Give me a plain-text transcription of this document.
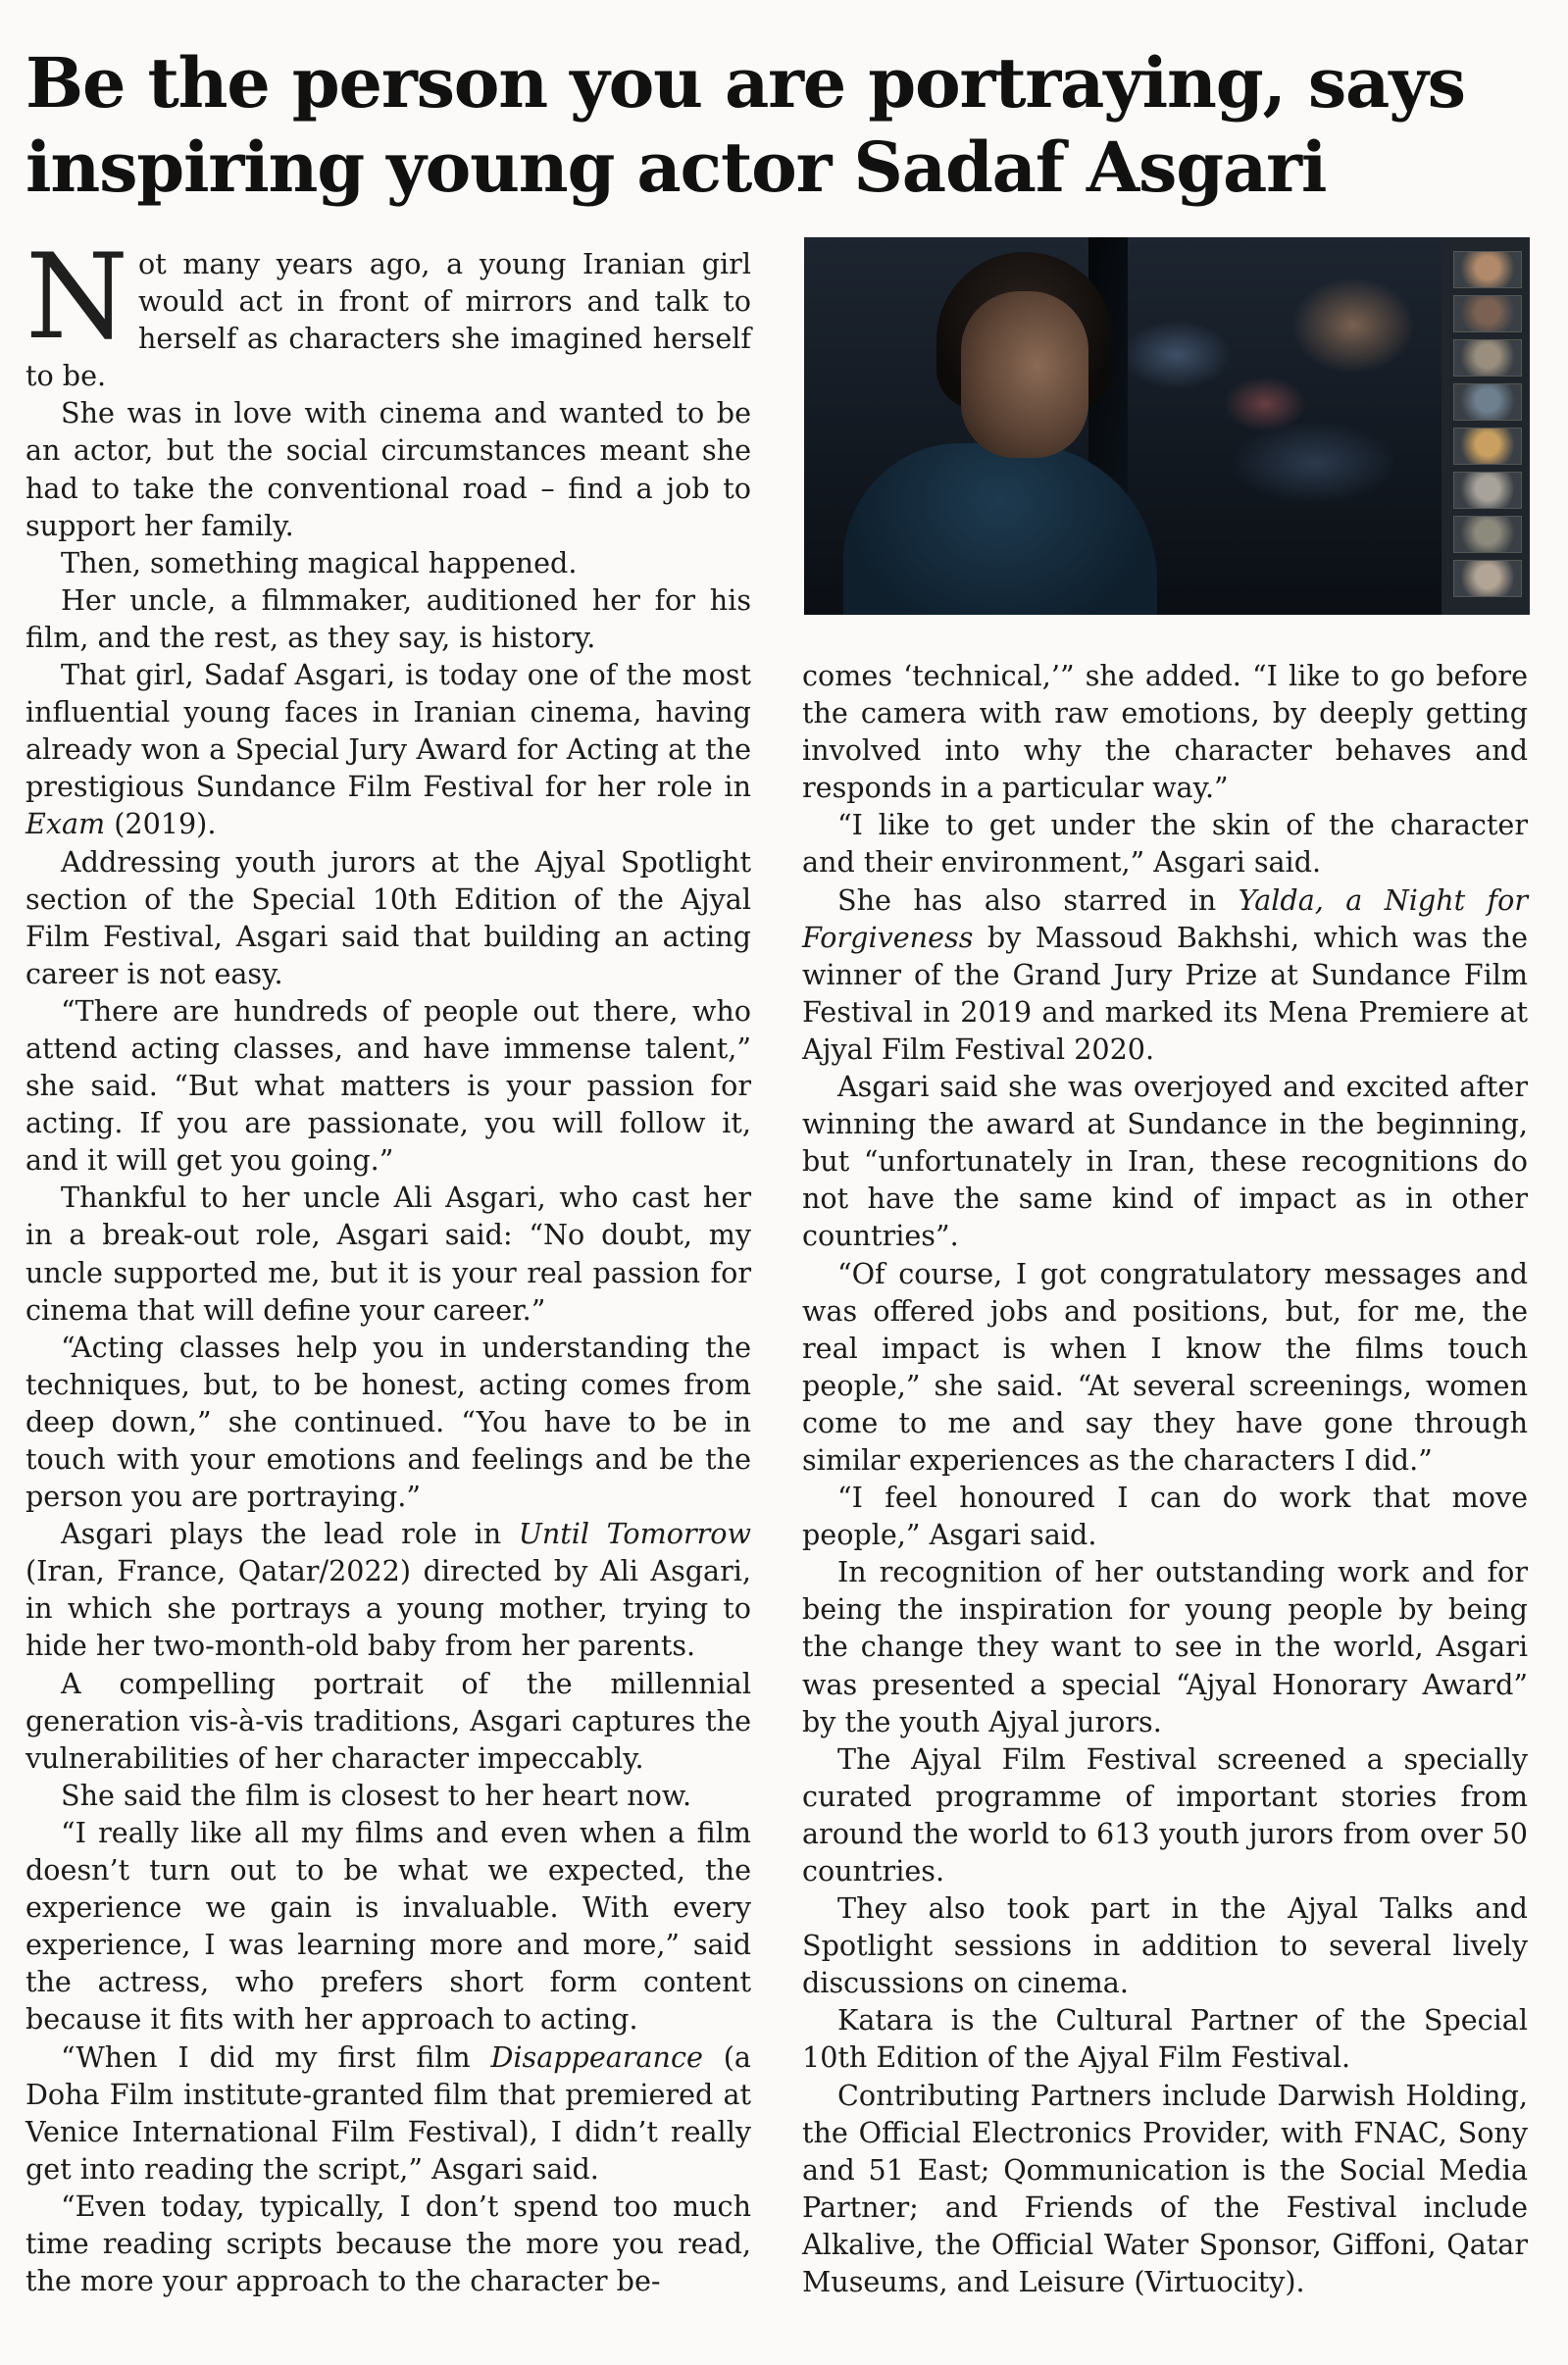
Be the person you are portraying, says inspiring young actor Sadaf Asgari

Not many years ago, a young Iranian girl would act in front of mirrors and talk to herself as characters she imagined herself to be.

She was in love with cinema and wanted to be an actor, but the social circumstances meant she had to take the conventional road – find a job to support her family.

Then, something magical happened.

Her uncle, a filmmaker, auditioned her for his film, and the rest, as they say, is history.

That girl, Sadaf Asgari, is today one of the most influential young faces in Iranian cinema, having already won a Special Jury Award for Acting at the prestigious Sundance Film Festival for her role in Exam (2019).

Addressing youth jurors at the Ajyal Spotlight section of the Special 10th Edition of the Ajyal Film Festival, Asgari said that building an acting career is not easy.

“There are hundreds of people out there, who attend acting classes, and have immense talent,” she said. “But what matters is your passion for acting. If you are passionate, you will follow it, and it will get you going.”

Thankful to her uncle Ali Asgari, who cast her in a break-out role, Asgari said: “No doubt, my uncle supported me, but it is your real passion for cinema that will define your career.”

“Acting classes help you in understanding the techniques, but, to be honest, acting comes from deep down,” she continued. “You have to be in touch with your emotions and feelings and be the person you are portraying.”

Asgari plays the lead role in Until Tomorrow (Iran, France, Qatar/2022) directed by Ali Asgari, in which she portrays a young mother, trying to hide her two-month-old baby from her parents.

A compelling portrait of the millennial generation vis-à-vis traditions, Asgari captures the vulnerabilities of her character impeccably.

She said the film is closest to her heart now.

“I really like all my films and even when a film doesn’t turn out to be what we expected, the experience we gain is invaluable. With every experience, I was learning more and more,” said the actress, who prefers short form content because it fits with her approach to acting.

“When I did my first film Disappearance (a Doha Film institute-granted film that premiered at Venice International Film Festival), I didn’t really get into reading the script,” Asgari said.

“Even today, typically, I don’t spend too much time reading scripts because the more you read, the more your approach to the character be-

comes ‘technical,’” she added. “I like to go before the camera with raw emotions, by deeply getting involved into why the character behaves and responds in a particular way.”

“I like to get under the skin of the character and their environment,” Asgari said.

She has also starred in Yalda, a Night for Forgiveness by Massoud Bakhshi, which was the winner of the Grand Jury Prize at Sundance Film Festival in 2019 and marked its Mena Premiere at Ajyal Film Festival 2020.

Asgari said she was overjoyed and excited after winning the award at Sundance in the beginning, but “unfortunately in Iran, these recognitions do not have the same kind of impact as in other countries”.

“Of course, I got congratulatory messages and was offered jobs and positions, but, for me, the real impact is when I know the films touch people,” she said. “At several screenings, women come to me and say they have gone through similar experiences as the characters I did.”

“I feel honoured I can do work that move people,” Asgari said.

In recognition of her outstanding work and for being the inspiration for young people by being the change they want to see in the world, Asgari was presented a special “Ajyal Honorary Award” by the youth Ajyal jurors.

The Ajyal Film Festival screened a specially curated programme of important stories from around the world to 613 youth jurors from over 50 countries.

They also took part in the Ajyal Talks and Spotlight sessions in addition to several lively discussions on cinema.

Katara is the Cultural Partner of the Special 10th Edition of the Ajyal Film Festival.

Contributing Partners include Darwish Holding, the Official Electronics Provider, with FNAC, Sony and 51 East; Qommunication is the Social Media Partner; and Friends of the Festival include Alkalive, the Official Water Sponsor, Giffoni, Qatar Museums, and Leisure (Virtuocity).
